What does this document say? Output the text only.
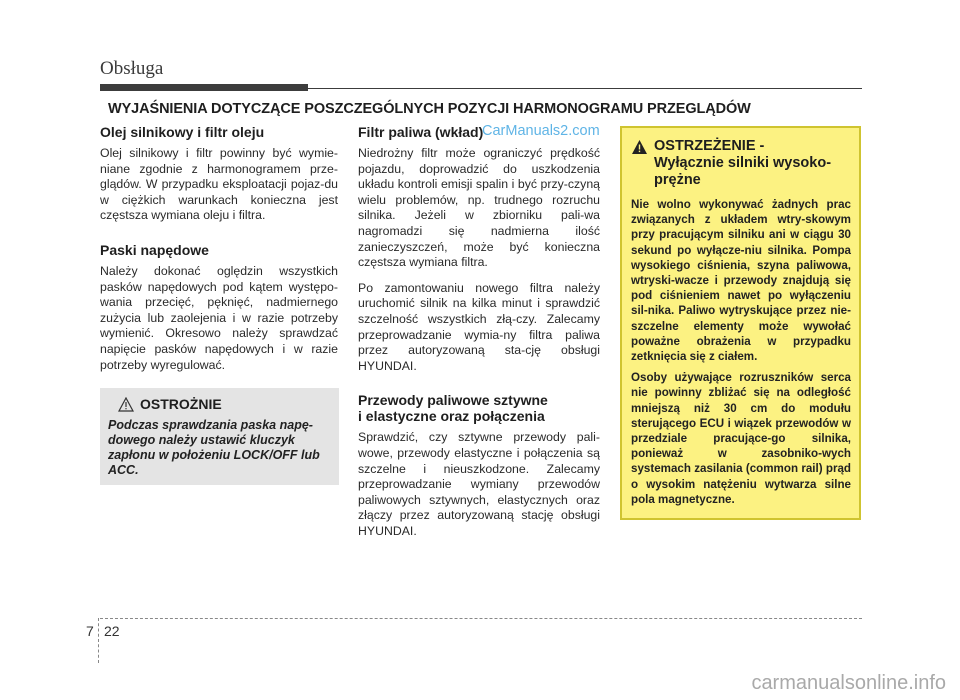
Obsługa
WYJAŚNIENIA DOTYCZĄCE POSZCZEGÓLNYCH POZYCJI HARMONOGRAMU PRZEGLĄDÓW
Olej silnikowy i filtr oleju

Olej silnikowy i filtr powinny być wymie-niane zgodnie z harmonogramem prze-glądów. W przypadku eksploatacji pojaz-du w ciężkich warunkach konieczna jest częstsza wymiana oleju i filtra.

Paski napędowe

Należy dokonać oględzin wszystkich pasków napędowych pod kątem występo-wania przecięć, pęknięć, nadmiernego zużycia lub zaolejenia i w razie potrzeby wymienić. Okresowo należy sprawdzać napięcie pasków napędowych i w razie potrzeby wyregulować.

OSTROŻNIE
Podczas sprawdzania paska napę-dowego należy ustawić kluczyk zapłonu w położeniu LOCK/OFF lub ACC.
Filtr paliwa (wkład)

Niedrożny filtr może ograniczyć prędkość pojazdu, doprowadzić do uszkodzenia układu kontroli emisji spalin i być przy-czyną wielu problemów, np. trudnego rozruchu silnika. Jeżeli w zbiorniku pali-wa nagromadzi się nadmierna ilość zanieczyszczeń, może być konieczna częstsza wymiana filtra.

Po zamontowaniu nowego filtra należy uruchomić silnik na kilka minut i sprawdzić szczelność wszystkich złą-czy. Zalecamy przeprowadzanie wymia-ny filtra paliwa przez autoryzowaną sta-cję obsługi HYUNDAI.

Przewody paliwowe sztywne
i elastyczne oraz połączenia

Sprawdzić, czy sztywne przewody pali-wowe, przewody elastyczne i połączenia są szczelne i nieuszkodzone. Zalecamy przeprowadzanie wymiany przewodów paliwowych sztywnych, elastycznych oraz złączy przez autoryzowaną stację obsługi HYUNDAI.

CarManuals2.com
OSTRZEŻENIE -
Wyłącznie silniki wysoko-prężne
Nie wolno wykonywać żadnych prac związanych z układem wtry-skowym przy pracującym silniku ani w ciągu 30 sekund po wyłącze-niu silnika. Pompa wysokiego ciśnienia, szyna paliwowa, wtryski-wacze i przewody znajdują się pod ciśnieniem nawet po wyłączeniu sil-nika. Paliwo wytryskujące przez nie-szczelne elementy może wywołać poważne obrażenia w przypadku zetknięcia się z ciałem.
Osoby używające rozruszników serca nie powinny zbliżać się na odległość mniejszą niż 30 cm do modułu sterującego ECU i wiązek przewodów w przedziale pracujące-go silnika, ponieważ w zasobniko-wych systemach zasilania (common rail) prąd o wysokim natężeniu wytwarza silne pola magnetyczne.
7 22
carmanualsonline.info
